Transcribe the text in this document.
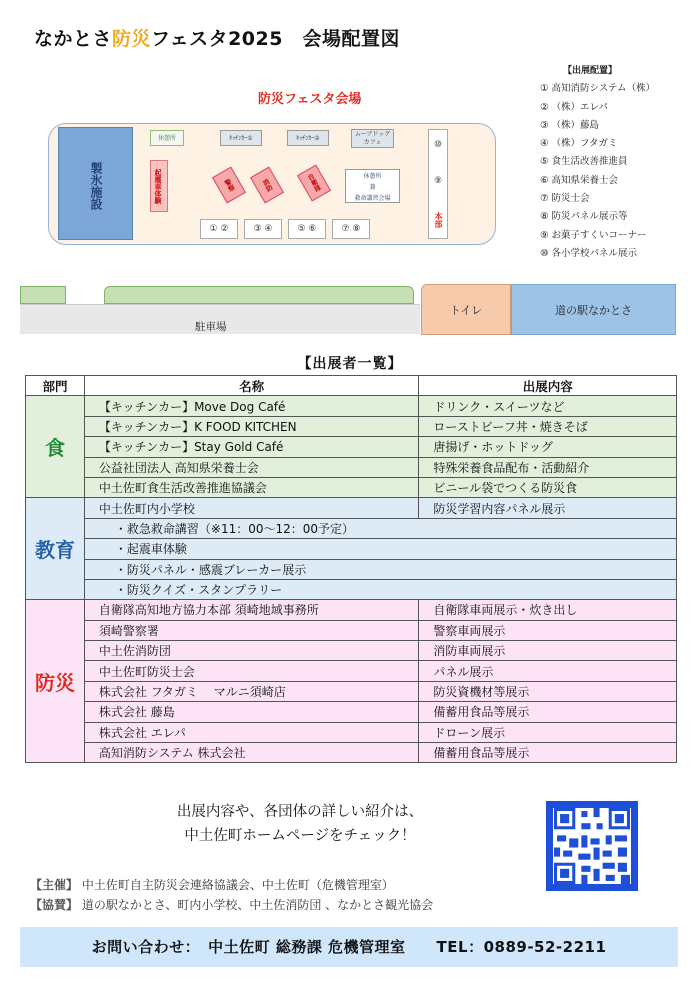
なかとさ防災フェスタ2025　会場配置図
防災フェスタ会場
製氷施設
休憩所	ｷｯﾁﾝｶｰ①	ｷｯﾁﾝｶｰ②
ムーブドッグカフェ
起震車体験	警察	消防	自衛隊	休憩所
兼
救命講習会場
① ②	③ ④	⑤ ⑥	⑦ ⑧
⑩
⑨
本部
【出展配置】
① 高知消防システム（株）
② （株）エレパ
③ （株）藤島
④ （株）フタガミ
⑤ 食生活改善推進員
⑥ 高知県栄養士会
⑦ 防災士会
⑧ 防災パネル展示等
⑨ お菓子すくいコーナー
⑩ 各小学校パネル展示
駐車場
トイレ	道の駅なかとさ
【出展者一覧】
部門	名称	出展内容
食	【キッチンカー】Move Dog Café	ドリンク・スイーツなど
	【キッチンカー】K FOOD KITCHEN	ローストビーフ丼・焼きそば
	【キッチンカー】Stay Gold Café	唐揚げ・ホットドッグ
	公益社団法人 高知県栄養士会	特殊栄養食品配布・活動紹介
	中土佐町食生活改善推進協議会	ビニール袋でつくる防災食
教育	中土佐町内小学校	防災学習内容パネル展示
	・救急救命講習（※11：00～12：00予定）	
	・起震車体験	
	・防災パネル・感震ブレーカー展示	
	・防災クイズ・スタンプラリー	
防災	自衛隊高知地方協力本部 須崎地域事務所	自衛隊車両展示・炊き出し
	須崎警察署	警察車両展示
	中土佐消防団	消防車両展示
	中土佐町防災士会	パネル展示
	株式会社 フタガミ　 マルニ須崎店	防災資機材等展示
	株式会社 藤島	備蓄用食品等展示
	株式会社 エレパ	ドローン展示
	高知消防システム 株式会社	備蓄用食品等展示
出展内容や、各団体の詳しい紹介は、
中土佐町ホームページをチェック！
【主催】 中土佐町自主防災会連絡協議会、中土佐町（危機管理室）
【協賛】 道の駅なかとさ、町内小学校、中土佐消防団 、なかとさ観光協会
お問い合わせ：　中土佐町 総務課 危機管理室　　TEL：0889-52-2211
